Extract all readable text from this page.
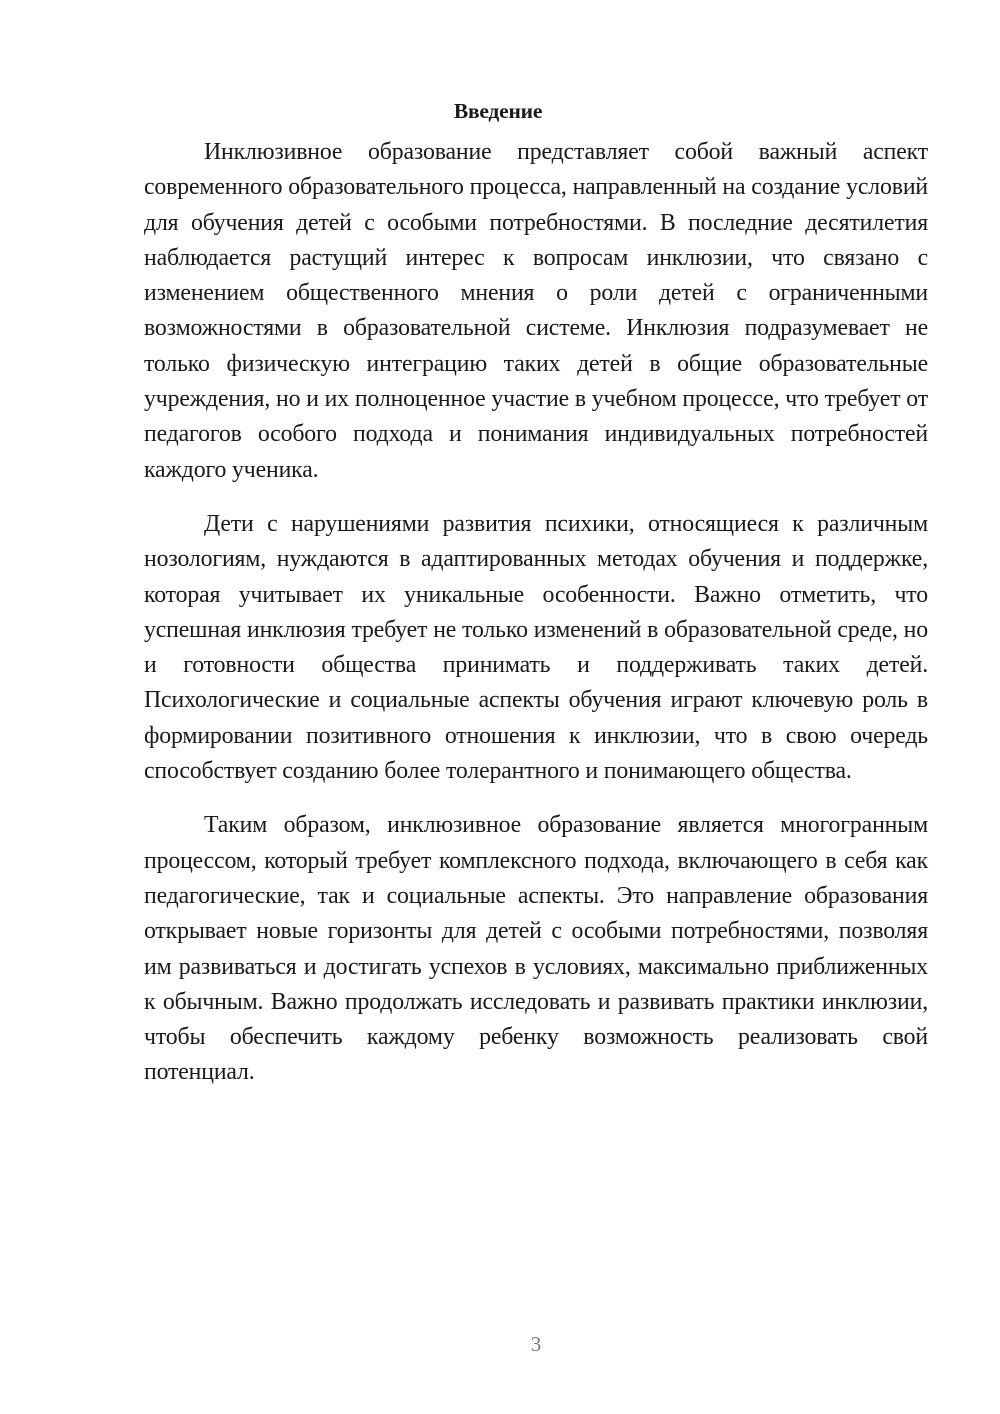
Введение

Инклюзивное образование представляет собой важный аспект современного образовательного процесса, направленный на создание условий для обучения детей с особыми потребностями. В последние десятилетия наблюдается растущий интерес к вопросам инклюзии, что связано с изменением общественного мнения о роли детей с ограниченными возможностями в образовательной системе. Инклюзия подразумевает не только физическую интеграцию таких детей в общие образовательные учреждения, но и их полноценное участие в учебном процессе, что требует от педагогов особого подхода и понимания индивидуальных потребностей каждого ученика.

Дети с нарушениями развития психики, относящиеся к различным нозологиям, нуждаются в адаптированных методах обучения и поддержке, которая учитывает их уникальные особенности. Важно отметить, что успешная инклюзия требует не только изменений в образовательной среде, но и готовности общества принимать и поддерживать таких детей. Психологические и социальные аспекты обучения играют ключевую роль в формировании позитивного отношения к инклюзии, что в свою очередь способствует созданию более толерантного и понимающего общества.

Таким образом, инклюзивное образование является многогранным процессом, который требует комплексного подхода, включающего в себя как педагогические, так и социальные аспекты. Это направление образования открывает новые горизонты для детей с особыми потребностями, позволяя им развиваться и достигать успехов в условиях, максимально приближенных к обычным. Важно продолжать исследовать и развивать практики инклюзии, чтобы обеспечить каждому ребенку возможность реализовать свой потенциал.

3
